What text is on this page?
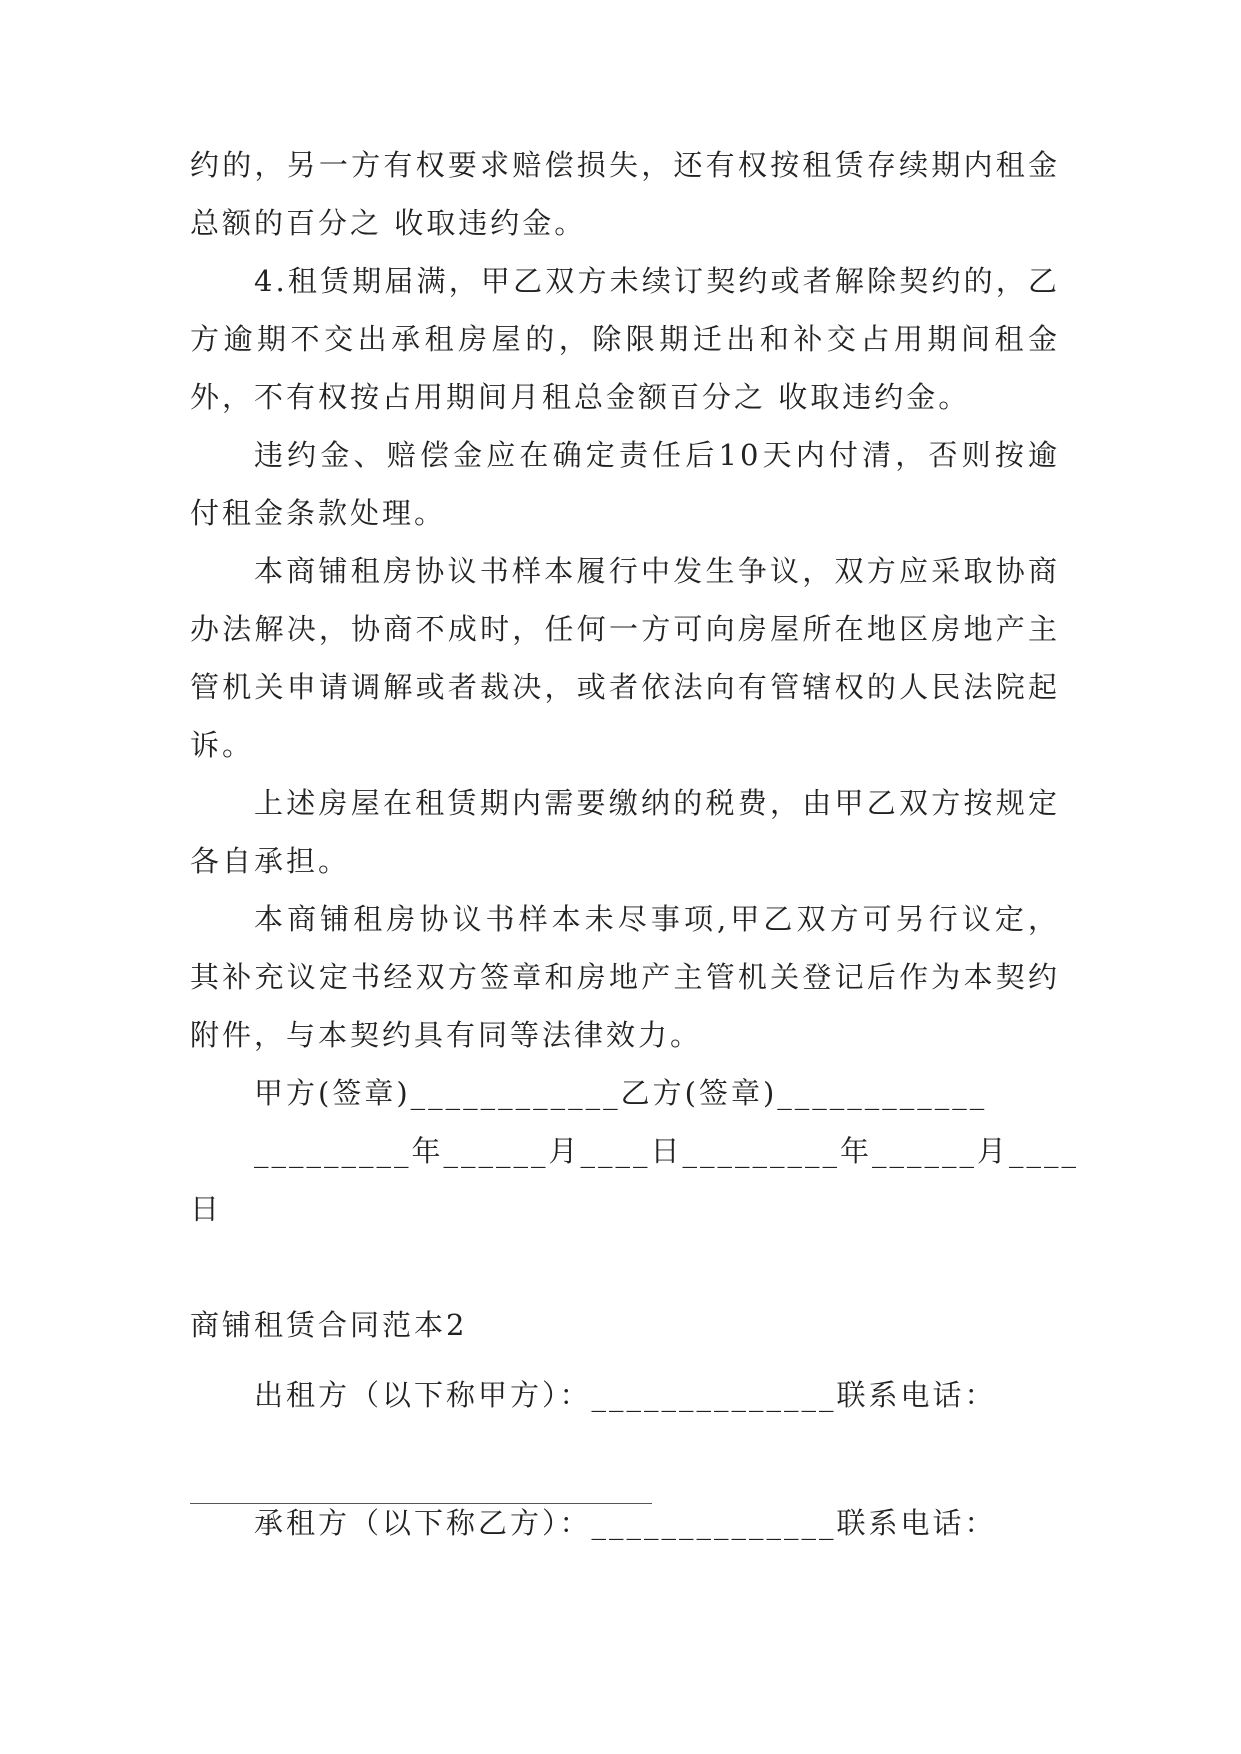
约的，另一方有权要求赔偿损失，还有权按租赁存续期内租金总额的百分之 收取违约金。

4.租赁期届满，甲乙双方未续订契约或者解除契约的，乙方逾期不交出承租房屋的，除限期迁出和补交占用期间租金外，不有权按占用期间月租总金额百分之 收取违约金。

违约金、赔偿金应在确定责任后10天内付清，否则按逾付租金条款处理。

本商铺租房协议书样本履行中发生争议，双方应采取协商办法解决，协商不成时，任何一方可向房屋所在地区房地产主管机关申请调解或者裁决，或者依法向有管辖权的人民法院起诉。

上述房屋在租赁期内需要缴纳的税费，由甲乙双方按规定各自承担。

本商铺租房协议书样本未尽事项,甲乙双方可另行议定，其补充议定书经双方签章和房地产主管机关登记后作为本契约附件，与本契约具有同等法律效力。

甲方(签章)____________乙方(签章)____________

_________年______月____日_________年______月____

日

商铺租赁合同范本2

出租方（以下称甲方）：______________联系电话：

承租方（以下称乙方）：______________联系电话：
